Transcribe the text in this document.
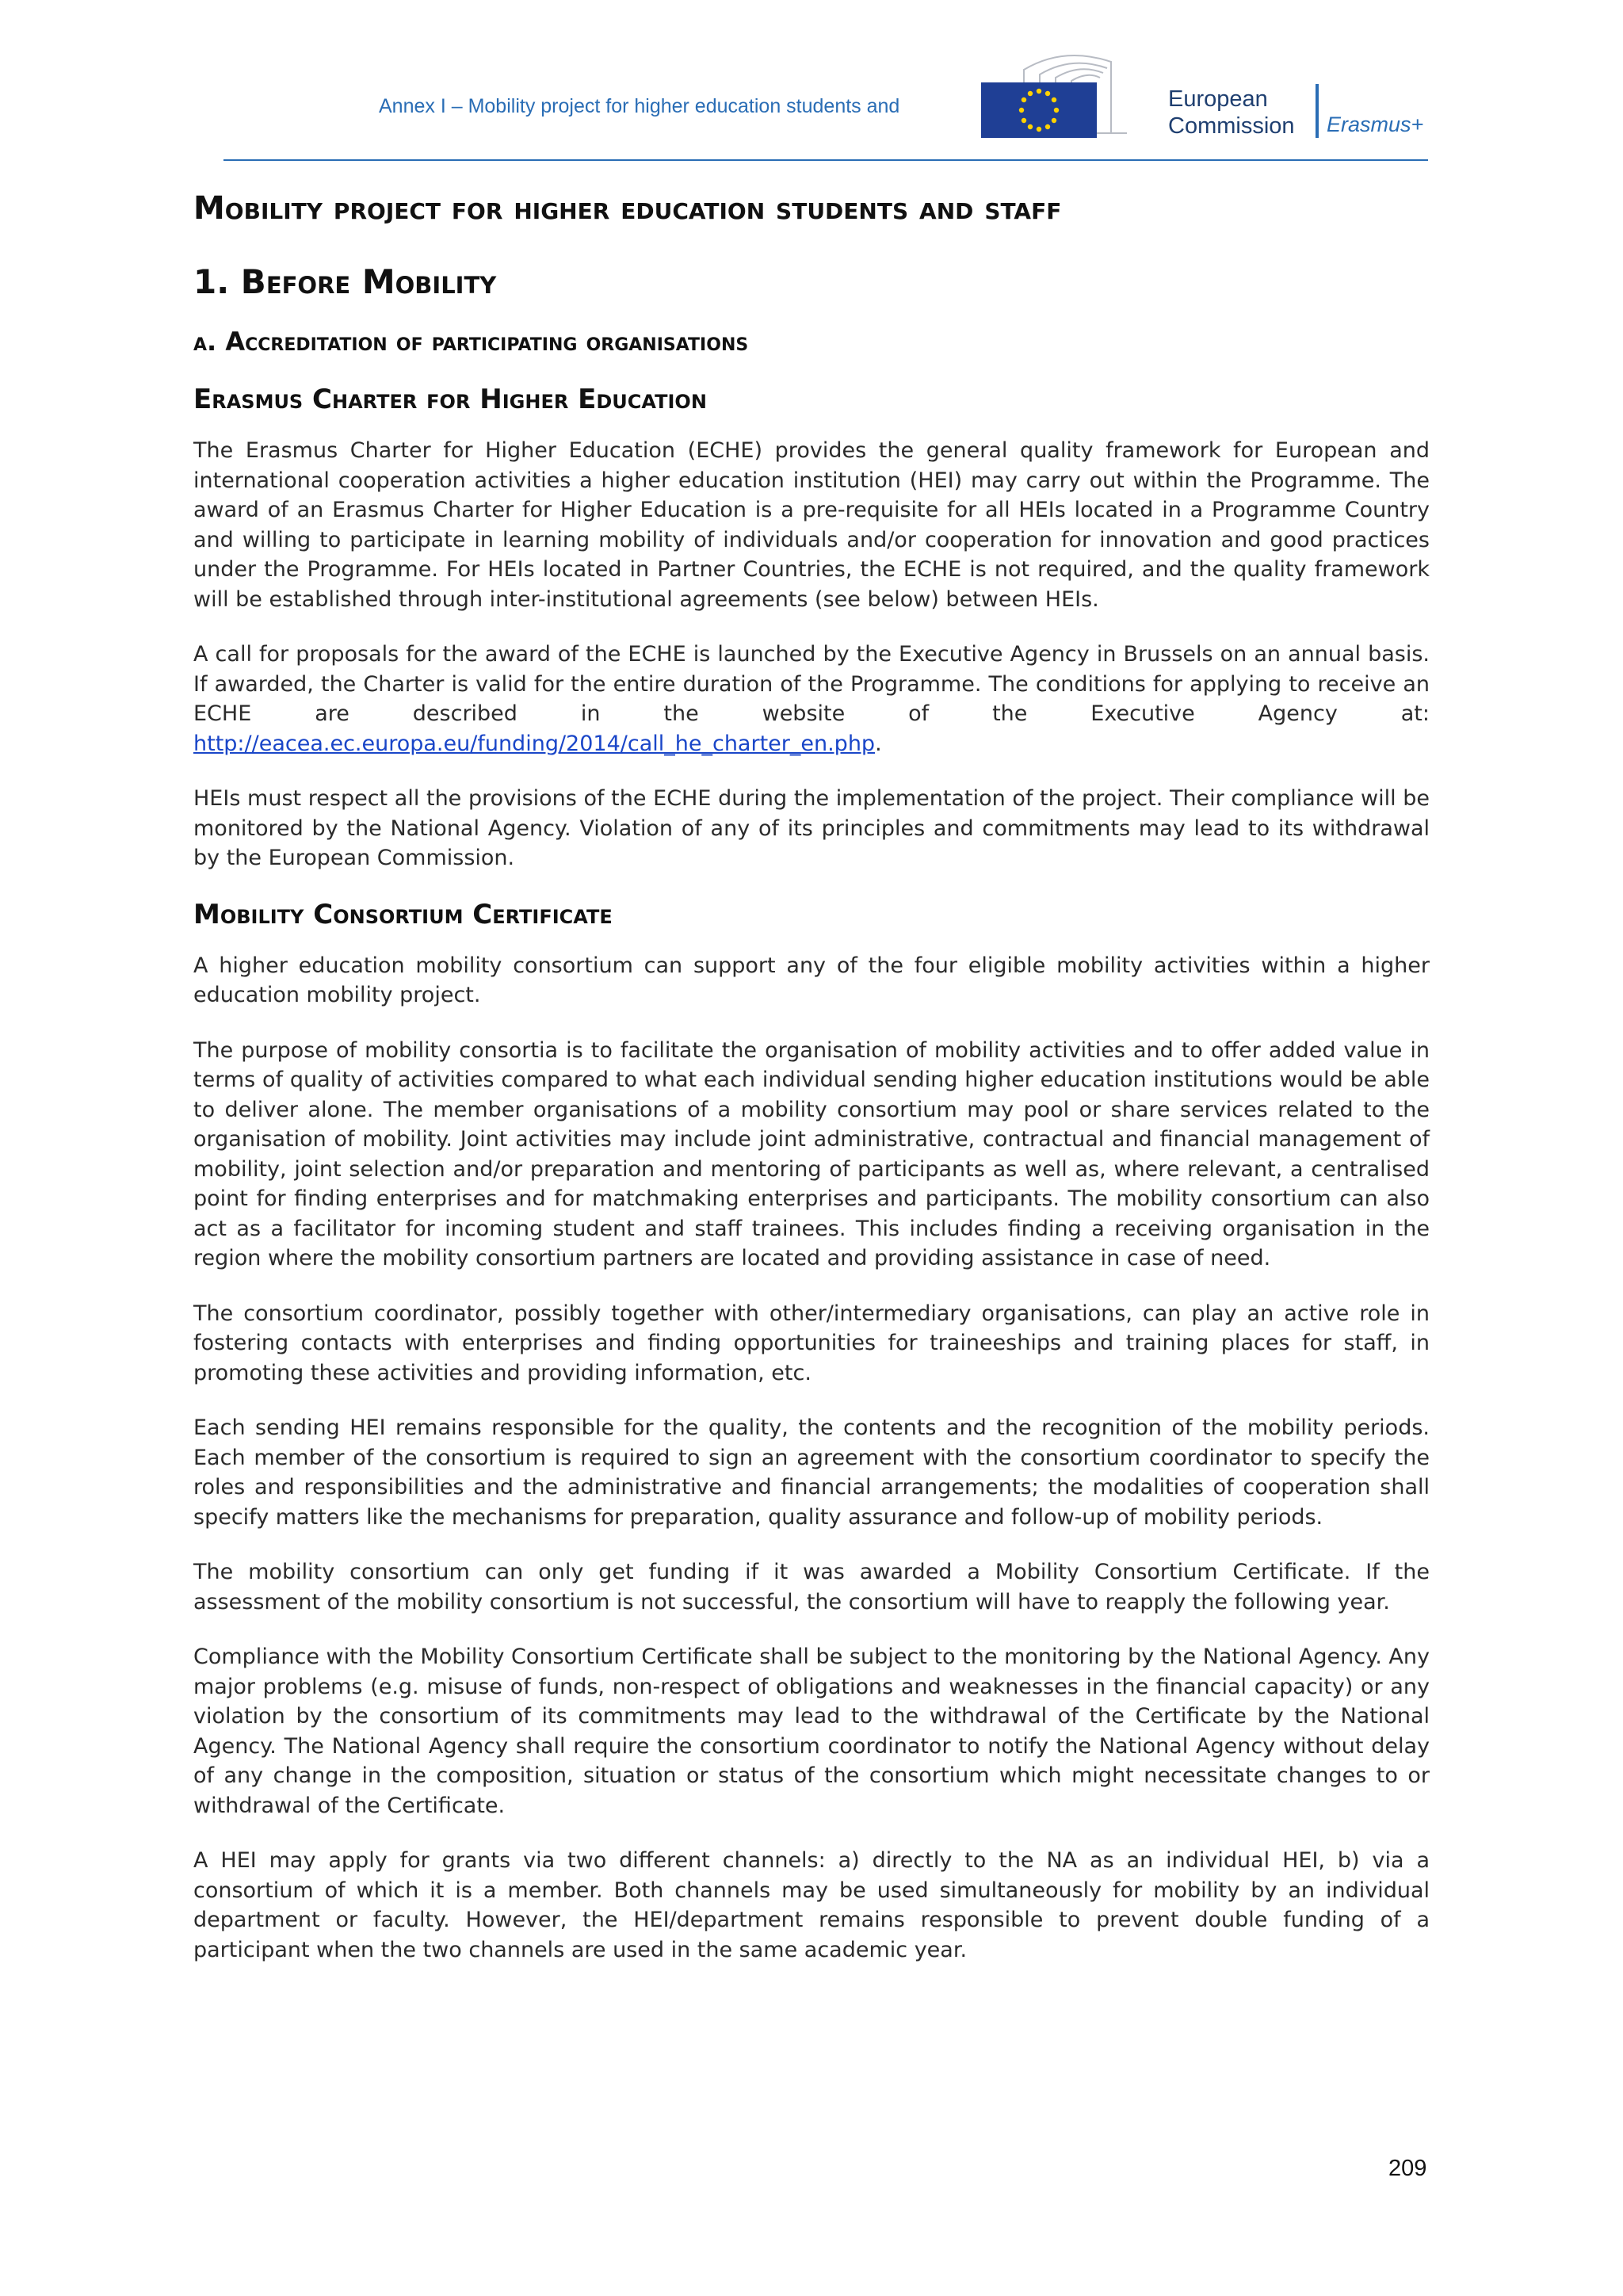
Annex I – Mobility project for higher education students and	European
Commission Erasmus+
Mobility project for higher education students and staff
1. Before Mobility
a. Accreditation of participating organisations
Erasmus Charter for Higher Education

The Erasmus Charter for Higher Education (ECHE) provides the general quality framework for European and international cooperation activities a higher education institution (HEI) may carry out within the Programme. The award of an Erasmus Charter for Higher Education is a pre-requisite for all HEIs located in a Programme Country and willing to participate in learning mobility of individuals and/or cooperation for innovation and good practices under the Programme. For HEIs located in Partner Countries, the ECHE is not required, and the quality framework will be established through inter-institutional agreements (see below) between HEIs.

A call for proposals for the award of the ECHE is launched by the Executive Agency in Brussels on an annual basis. If awarded, the Charter is valid for the entire duration of the Programme. The conditions for applying to receive an ECHE are described in the website of the Executive Agency at: http://eacea.ec.europa.eu/funding/2014/call_he_charter_en.php.

HEIs must respect all the provisions of the ECHE during the implementation of the project. Their compliance will be monitored by the National Agency. Violation of any of its principles and commitments may lead to its withdrawal by the European Commission.

Mobility Consortium Certificate

A higher education mobility consortium can support any of the four eligible mobility activities within a higher education mobility project.

The purpose of mobility consortia is to facilitate the organisation of mobility activities and to offer added value in terms of quality of activities compared to what each individual sending higher education institutions would be able to deliver alone. The member organisations of a mobility consortium may pool or share services related to the organisation of mobility. Joint activities may include joint administrative, contractual and financial management of mobility, joint selection and/or preparation and mentoring of participants as well as, where relevant, a centralised point for finding enterprises and for matchmaking enterprises and participants. The mobility consortium can also act as a facilitator for incoming student and staff trainees. This includes finding a receiving organisation in the region where the mobility consortium partners are located and providing assistance in case of need.

The consortium coordinator, possibly together with other/intermediary organisations, can play an active role in fostering contacts with enterprises and finding opportunities for traineeships and training places for staff, in promoting these activities and providing information, etc.

Each sending HEI remains responsible for the quality, the contents and the recognition of the mobility periods. Each member of the consortium is required to sign an agreement with the consortium coordinator to specify the roles and responsibilities and the administrative and financial arrangements; the modalities of cooperation shall specify matters like the mechanisms for preparation, quality assurance and follow-up of mobility periods.

The mobility consortium can only get funding if it was awarded a Mobility Consortium Certificate. If the assessment of the mobility consortium is not successful, the consortium will have to reapply the following year.

Compliance with the Mobility Consortium Certificate shall be subject to the monitoring by the National Agency. Any major problems (e.g. misuse of funds, non-respect of obligations and weaknesses in the financial capacity) or any violation by the consortium of its commitments may lead to the withdrawal of the Certificate by the National Agency. The National Agency shall require the consortium coordinator to notify the National Agency without delay of any change in the composition, situation or status of the consortium which might necessitate changes to or withdrawal of the Certificate.

A HEI may apply for grants via two different channels: a) directly to the NA as an individual HEI, b) via a consortium of which it is a member. Both channels may be used simultaneously for mobility by an individual department or faculty. However, the HEI/department remains responsible to prevent double funding of a participant when the two channels are used in the same academic year.

209
